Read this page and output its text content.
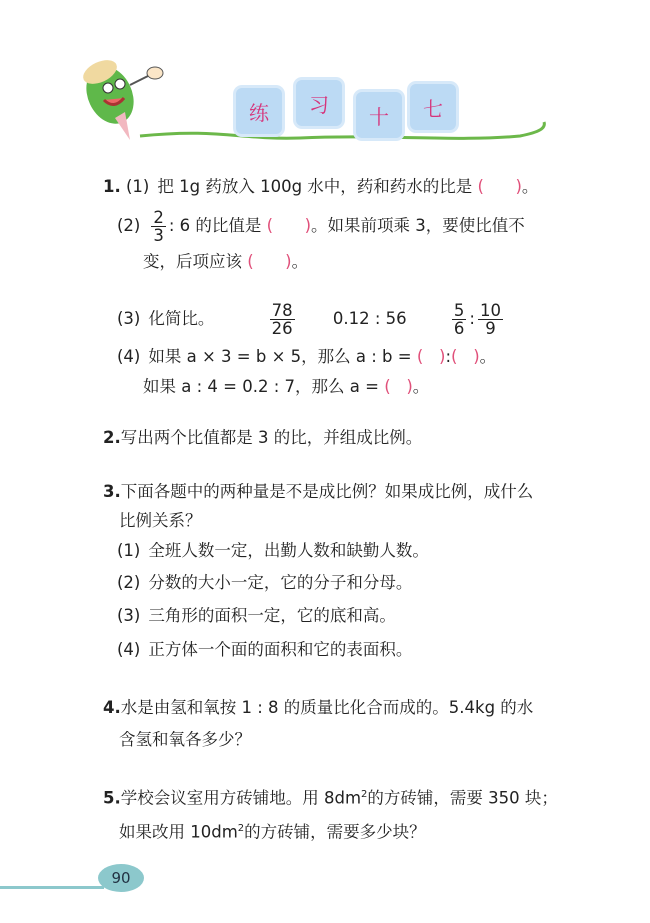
练	习	十	七
1. (1) 把 1g 药放入 100g 水中，药和药水的比是 (      )。
$(2) \frac{2}{3}$ : 6 的比值是 (      )。如果前项乘 3，要使比值不
变，后项应该 (      )。
(3) 化简比。	$\frac{78}{26} 0.12$ : 56	$\frac{5}{6}$ : $\frac{10}{9}$
(4) 如果 a × 3 = b × 5，那么 a : b = (   ):(   )。
如果 a : 4 = 0.2 : 7，那么 a = (   )。
2.写出两个比值都是 3 的比，并组成比例。
3.下面各题中的两种量是不是成比例？如果成比例，成什么
比例关系？
(1) 全班人数一定，出勤人数和缺勤人数。
(2) 分数的大小一定，它的分子和分母。
(3) 三角形的面积一定，它的底和高。
(4) 正方体一个面的面积和它的表面积。
4.水是由氢和氧按 1 : 8 的质量比化合而成的。5.4kg 的水
含氢和氧各多少？
5.学校会议室用方砖铺地。用 $8dm^2$的方砖铺，需要 350 块；
如果改用 $10dm^2$的方砖铺，需要多少块？
90
